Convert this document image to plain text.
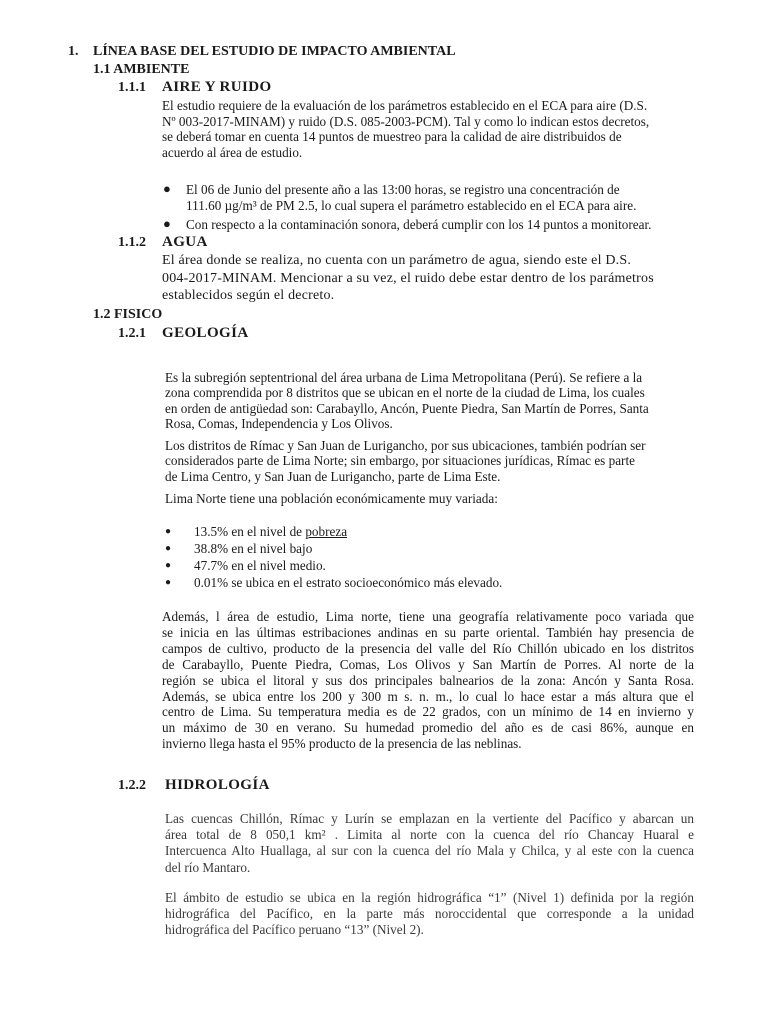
1. LÍNEA BASE DEL ESTUDIO DE IMPACTO AMBIENTAL
1.1 AMBIENTE
1.1.1 AIRE Y RUIDO
El estudio requiere de la evaluación de los parámetros establecido en el ECA para aire (D.S.
Nº 003-2017-MINAM) y ruido (D.S. 085-2003-PCM). Tal y como lo indican estos decretos,
se deberá tomar en cuenta 14 puntos de muestreo para la calidad de aire distribuidos de
acuerdo al área de estudio.
● El 06 de Junio del presente año a las 13:00 horas, se registro una concentración de
111.60 µg/m³ de PM 2.5, lo cual supera el parámetro establecido en el ECA para aire.
● Con respecto a la contaminación sonora, deberá cumplir con los 14 puntos a monitorear.
1.1.2 AGUA
El área donde se realiza, no cuenta con un parámetro de agua, siendo este el D.S.
004-2017-MINAM. Mencionar a su vez, el ruido debe estar dentro de los parámetros
establecidos según el decreto.
1.2 FISICO
1.2.1 GEOLOGÍA
Es la subregión septentrional del área urbana de Lima Metropolitana (Perú). Se refiere a la
zona comprendida por 8 distritos que se ubican en el norte de la ciudad de Lima, los cuales
en orden de antigüedad son: Carabayllo, Ancón, Puente Piedra, San Martín de Porres, Santa
Rosa, Comas, Independencia y Los Olivos.
Los distritos de Rímac y San Juan de Lurigancho, por sus ubicaciones, también podrían ser
considerados parte de Lima Norte; sin embargo, por situaciones jurídicas, Rímac es parte
de Lima Centro, y San Juan de Lurigancho, parte de Lima Este.
Lima Norte tiene una población económicamente muy variada:
● 13.5% en el nivel de pobreza
● 38.8% en el nivel bajo
● 47.7% en el nivel medio.
● 0.01% se ubica en el estrato socioeconómico más elevado.
Además, l área de estudio, Lima norte, tiene una geografía relativamente poco variada que
se inicia en las últimas estribaciones andinas en su parte oriental. También hay presencia de
campos de cultivo, producto de la presencia del valle del Río Chillón ubicado en los distritos
de Carabayllo, Puente Piedra, Comas, Los Olivos y San Martín de Porres. Al norte de la
región se ubica el litoral y sus dos principales balnearios de la zona: Ancón y Santa Rosa.
Además, se ubica entre los 200 y 300 m s. n. m., lo cual lo hace estar a más altura que el
centro de Lima. Su temperatura media es de 22 grados, con un mínimo de 14 en invierno y
un máximo de 30 en verano. Su humedad promedio del año es de casi 86%, aunque en
invierno llega hasta el 95% producto de la presencia de las neblinas.
1.2.2 HIDROLOGÍA
Las cuencas Chillón, Rímac y Lurín se emplazan en la vertiente del Pacífico y abarcan un
área total de 8 050,1 km² . Limita al norte con la cuenca del río Chancay Huaral e
Intercuenca Alto Huallaga, al sur con la cuenca del río Mala y Chilca, y al este con la cuenca
del río Mantaro.
El ámbito de estudio se ubica en la región hidrográfica “1” (Nivel 1) definida por la región
hidrográfica del Pacífico, en la parte más noroccidental que corresponde a la unidad
hidrográfica del Pacífico peruano “13” (Nivel 2).
